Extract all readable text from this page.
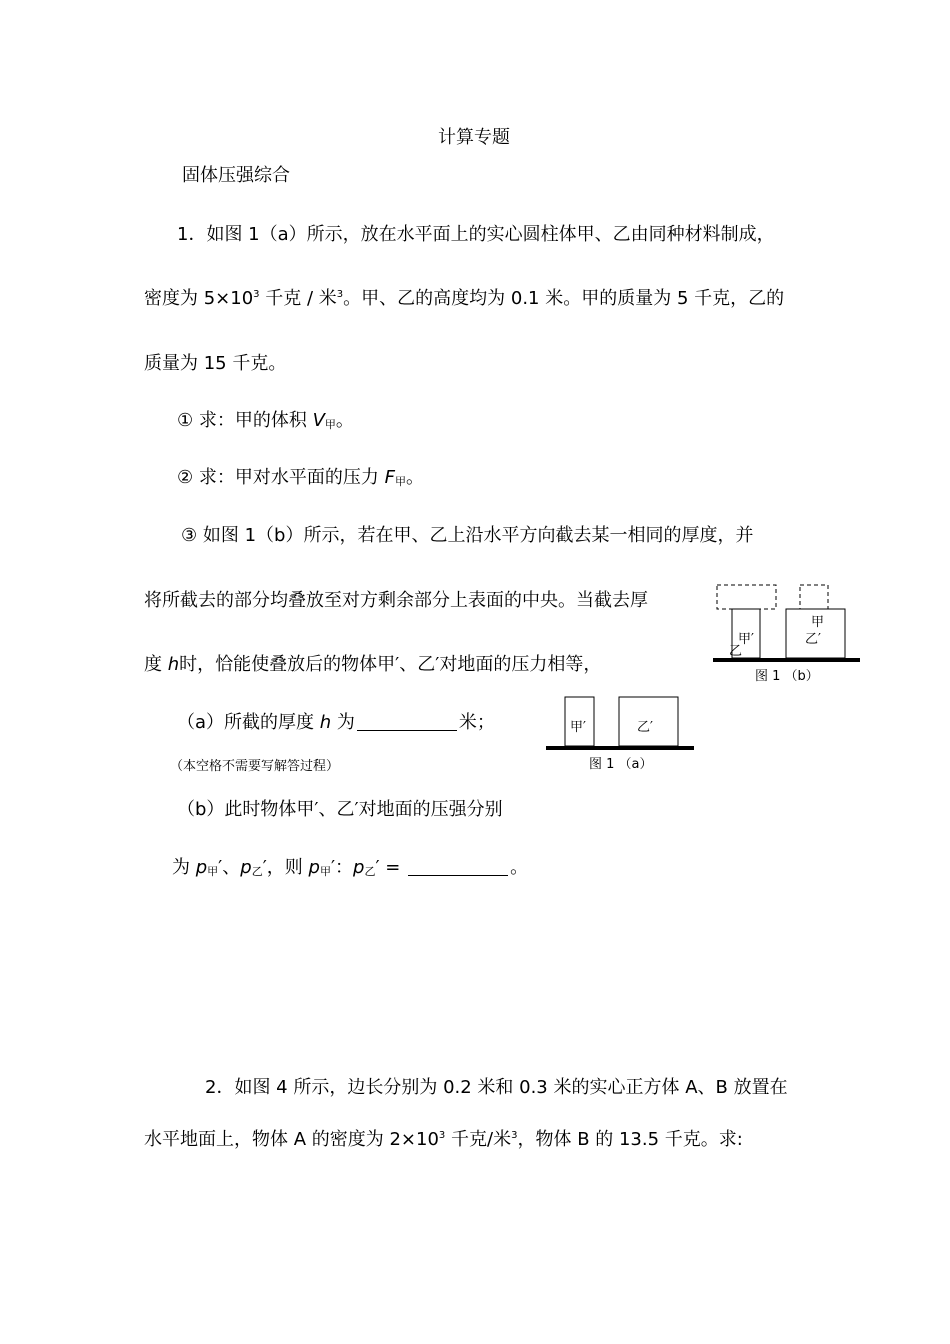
计算专题
固体压强综合
1．如图 1（a）所示，放在水平面上的实心圆柱体甲、乙由同种材料制成，
密度为 $5\times 10^3$ 千克 / 米$^3$。甲、乙的高度均为 0.1 米。甲的质量为 5 千克，乙的
质量为 15 千克。
① 求：甲的体积 $V_甲$。
② 求：甲对水平面的压力 $F_甲$。
③ 如图 1（b）所示，若在甲、乙上沿水平方向截去某一相同的厚度，并
将所截去的部分均叠放至对方剩余部分上表面的中央。当截去厚
度 h时，恰能使叠放后的物体甲′、乙′对地面的压力相等，
（a）所截的厚度 h 为	米；
（本空格不需要写解答过程）
（b）此时物体甲′、乙′对地面的压强分别
为 $p_甲'$、$p_乙'$，则 $p_甲'$：$p_乙'$ =	。
2．如图 4 所示，边长分别为 0.2 米和 0.3 米的实心正方体 A、B 放置在
水平地面上，物体 A 的密度为 $2\times 10^3$ 千克/米$^3$，物体 B 的 13.5 千克。求:
甲′
乙
甲
乙′
图 1 （b）
甲′	乙′
图 1 （a）
